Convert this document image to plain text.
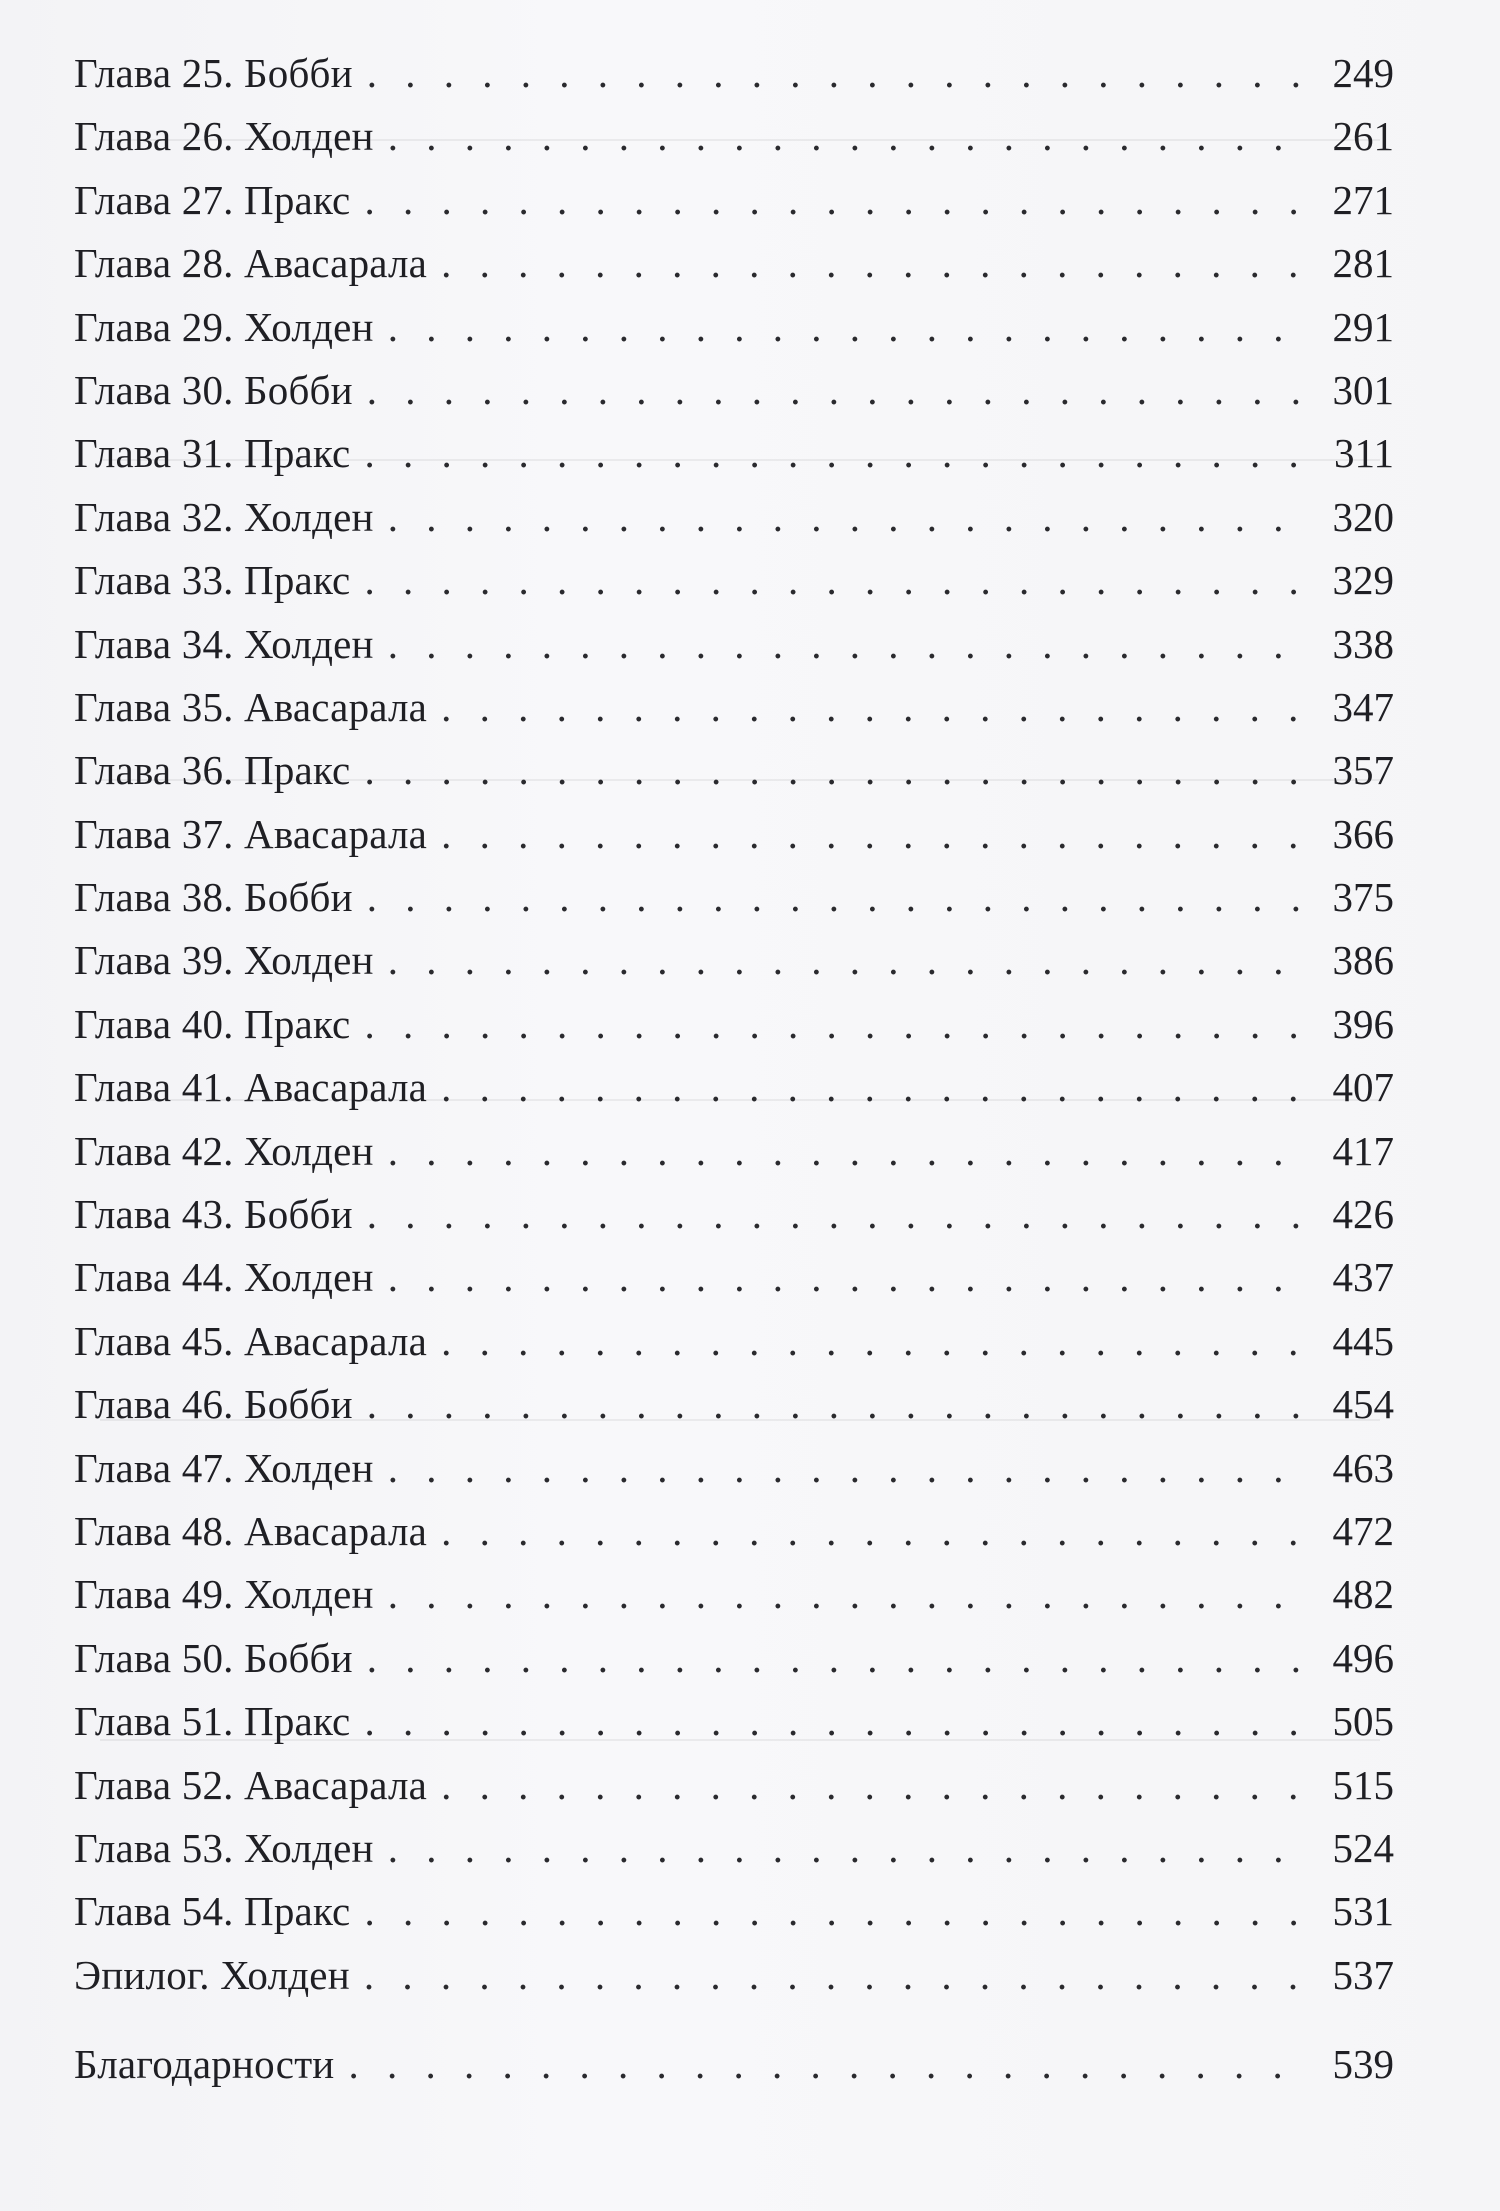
Глава 25. Бобби . . .	249
Глава 26. Холден . . .	261
Глава 27. Пракс . . .	271
Глава 28. Авасарала . . .	281
Глава 29. Холден . . .	291
Глава 30. Бобби . . .	301
Глава 31. Пракс . . .	311
Глава 32. Холден . . .	320
Глава 33. Пракс . . .	329
Глава 34. Холден . . .	338
Глава 35. Авасарала . . .	347
Глава 36. Пракс . . .	357
Глава 37. Авасарала . . .	366
Глава 38. Бобби . . .	375
Глава 39. Холден . . .	386
Глава 40. Пракс . . .	396
Глава 41. Авасарала . . .	407
Глава 42. Холден . . .	417
Глава 43. Бобби . . .	426
Глава 44. Холден . . .	437
Глава 45. Авасарала . . .	445
Глава 46. Бобби . . .	454
Глава 47. Холден . . .	463
Глава 48. Авасарала . . .	472
Глава 49. Холден . . .	482
Глава 50. Бобби . . .	496
Глава 51. Пракс . . .	505
Глава 52. Авасарала . . .	515
Глава 53. Холден . . .	524
Глава 54. Пракс . . .	531
Эпилог. Холден . . .	537
Благодарности . . .	539
